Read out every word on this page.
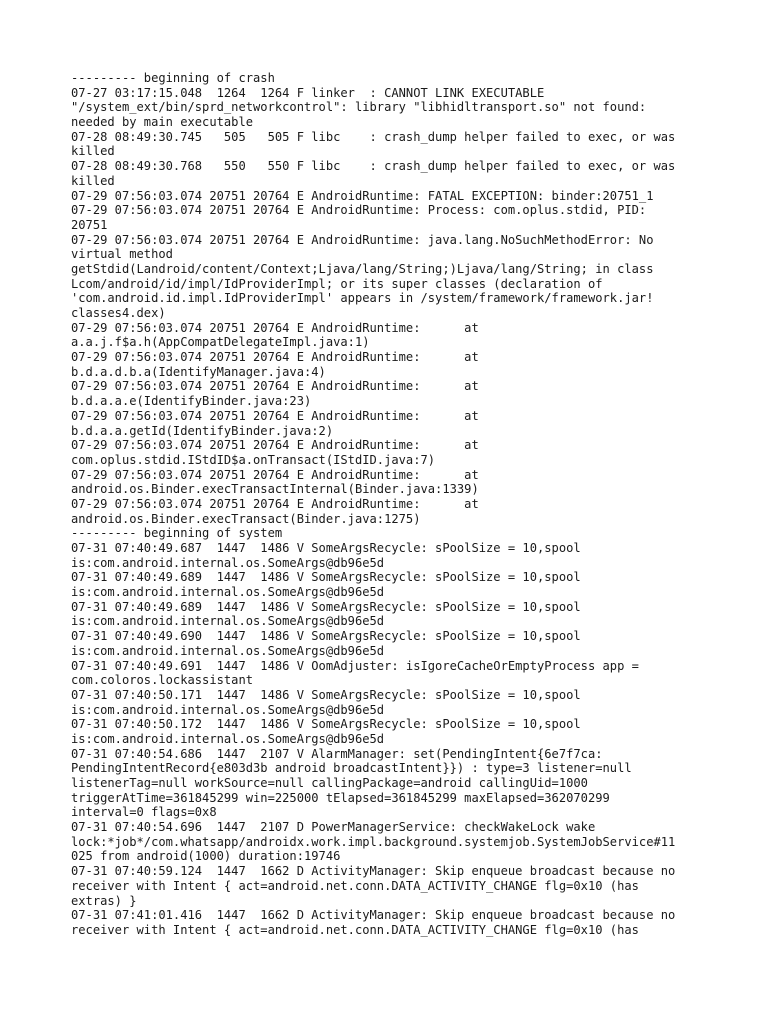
--------- beginning of crash
07-27 03:17:15.048  1264  1264 F linker  : CANNOT LINK EXECUTABLE
"/system_ext/bin/sprd_networkcontrol": library "libhidltransport.so" not found:
needed by main executable
07-28 08:49:30.745   505   505 F libc    : crash_dump helper failed to exec, or was
killed
07-28 08:49:30.768   550   550 F libc    : crash_dump helper failed to exec, or was
killed
07-29 07:56:03.074 20751 20764 E AndroidRuntime: FATAL EXCEPTION: binder:20751_1
07-29 07:56:03.074 20751 20764 E AndroidRuntime: Process: com.oplus.stdid, PID:
20751
07-29 07:56:03.074 20751 20764 E AndroidRuntime: java.lang.NoSuchMethodError: No
virtual method
getStdid(Landroid/content/Context;Ljava/lang/String;)Ljava/lang/String; in class
Lcom/android/id/impl/IdProviderImpl; or its super classes (declaration of
'com.android.id.impl.IdProviderImpl' appears in /system/framework/framework.jar!
classes4.dex)
07-29 07:56:03.074 20751 20764 E AndroidRuntime:      at
a.a.j.f$a.h(AppCompatDelegateImpl.java:1)
07-29 07:56:03.074 20751 20764 E AndroidRuntime:      at
b.d.a.d.b.a(IdentifyManager.java:4)
07-29 07:56:03.074 20751 20764 E AndroidRuntime:      at
b.d.a.a.e(IdentifyBinder.java:23)
07-29 07:56:03.074 20751 20764 E AndroidRuntime:      at
b.d.a.a.getId(IdentifyBinder.java:2)
07-29 07:56:03.074 20751 20764 E AndroidRuntime:      at
com.oplus.stdid.IStdID$a.onTransact(IStdID.java:7)
07-29 07:56:03.074 20751 20764 E AndroidRuntime:      at
android.os.Binder.execTransactInternal(Binder.java:1339)
07-29 07:56:03.074 20751 20764 E AndroidRuntime:      at
android.os.Binder.execTransact(Binder.java:1275)
--------- beginning of system
07-31 07:40:49.687  1447  1486 V SomeArgsRecycle: sPoolSize = 10,spool
is:com.android.internal.os.SomeArgs@db96e5d
07-31 07:40:49.689  1447  1486 V SomeArgsRecycle: sPoolSize = 10,spool
is:com.android.internal.os.SomeArgs@db96e5d
07-31 07:40:49.689  1447  1486 V SomeArgsRecycle: sPoolSize = 10,spool
is:com.android.internal.os.SomeArgs@db96e5d
07-31 07:40:49.690  1447  1486 V SomeArgsRecycle: sPoolSize = 10,spool
is:com.android.internal.os.SomeArgs@db96e5d
07-31 07:40:49.691  1447  1486 V OomAdjuster: isIgoreCacheOrEmptyProcess app =
com.coloros.lockassistant
07-31 07:40:50.171  1447  1486 V SomeArgsRecycle: sPoolSize = 10,spool
is:com.android.internal.os.SomeArgs@db96e5d
07-31 07:40:50.172  1447  1486 V SomeArgsRecycle: sPoolSize = 10,spool
is:com.android.internal.os.SomeArgs@db96e5d
07-31 07:40:54.686  1447  2107 V AlarmManager: set(PendingIntent{6e7f7ca:
PendingIntentRecord{e803d3b android broadcastIntent}}) : type=3 listener=null
listenerTag=null workSource=null callingPackage=android callingUid=1000
triggerAtTime=361845299 win=225000 tElapsed=361845299 maxElapsed=362070299
interval=0 flags=0x8
07-31 07:40:54.696  1447  2107 D PowerManagerService: checkWakeLock wake
lock:*job*/com.whatsapp/androidx.work.impl.background.systemjob.SystemJobService#11
025 from android(1000) duration:19746
07-31 07:40:59.124  1447  1662 D ActivityManager: Skip enqueue broadcast because no
receiver with Intent { act=android.net.conn.DATA_ACTIVITY_CHANGE flg=0x10 (has
extras) }
07-31 07:41:01.416  1447  1662 D ActivityManager: Skip enqueue broadcast because no
receiver with Intent { act=android.net.conn.DATA_ACTIVITY_CHANGE flg=0x10 (has
